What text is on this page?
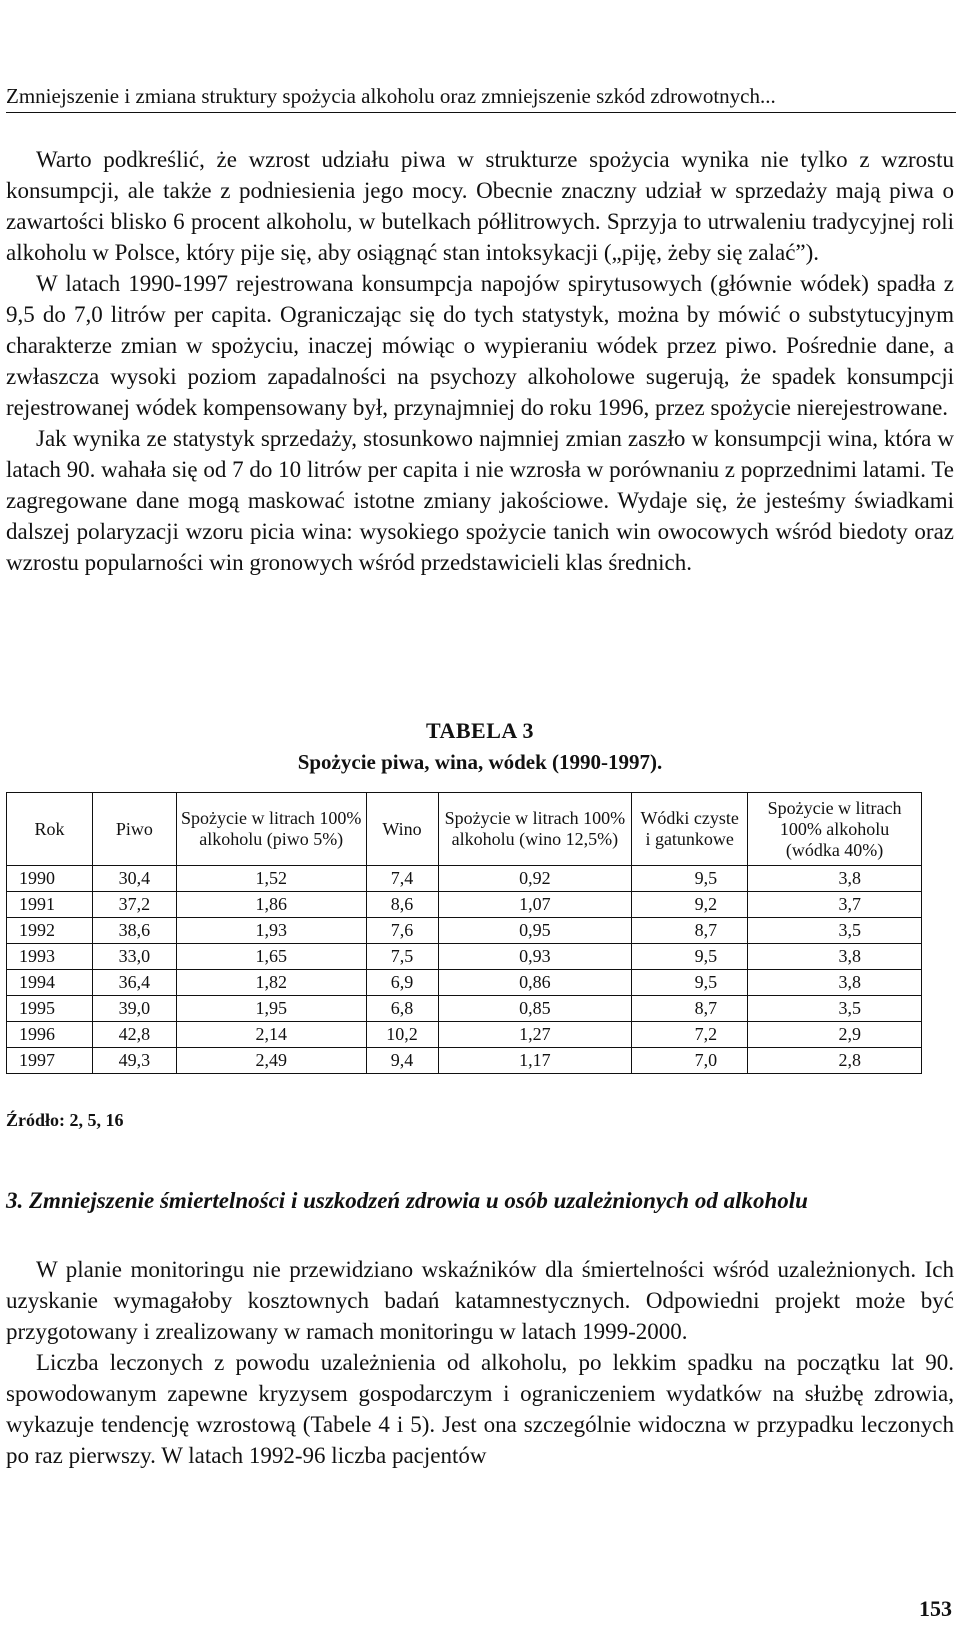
Zmniejszenie i zmiana struktury spożycia alkoholu oraz zmniejszenie szkód zdrowotnych...

Warto podkreślić, że wzrost udziału piwa w strukturze spożycia wynika nie tylko z wzrostu konsumpcji, ale także z podniesienia jego mocy. Obecnie znaczny udział w sprzedaży mają piwa o zawartości blisko 6 procent alkoholu, w butelkach półlitrowych. Sprzyja to utrwaleniu tradycyjnej roli alkoholu w Polsce, który pije się, aby osiągnąć stan intoksykacji („piję, żeby się zalać”).

W latach 1990-1997 rejestrowana konsumpcja napojów spirytusowych (głównie wódek) spadła z 9,5 do 7,0 litrów per capita. Ograniczając się do tych statystyk, można by mówić o substytucyjnym charakterze zmian w spożyciu, inaczej mówiąc o wypieraniu wódek przez piwo. Pośrednie dane, a zwłaszcza wysoki poziom zapadalności na psychozy alkoholowe sugerują, że spadek konsumpcji rejestrowanej wódek kompensowany był, przynajmniej do roku 1996, przez spożycie nierejestrowane.

Jak wynika ze statystyk sprzedaży, stosunkowo najmniej zmian zaszło w konsumpcji wina, która w latach 90. wahała się od 7 do 10 litrów per capita i nie wzrosła w porównaniu z poprzednimi latami. Te zagregowane dane mogą maskować istotne zmiany jakościowe. Wydaje się, że jesteśmy świadkami dalszej polaryzacji wzoru picia wina: wysokiego spożycie tanich win owocowych wśród biedoty oraz wzrostu popularności win gronowych wśród przedstawicieli klas średnich.

TABELA 3
Spożycie piwa, wina, wódek (1990-1997).
Rok	Piwo	Spożycie w litrach 100% alkoholu (piwo 5%)	Wino	Spożycie w litrach 100% alkoholu (wino 12,5%)	Wódki czyste i gatunkowe	Spożycie w litrach 100% alkoholu (wódka 40%)
1990	30,4	1,52	7,4	0,92	9,5	3,8
1991	37,2	1,86	8,6	1,07	9,2	3,7
1992	38,6	1,93	7,6	0,95	8,7	3,5
1993	33,0	1,65	7,5	0,93	9,5	3,8
1994	36,4	1,82	6,9	0,86	9,5	3,8
1995	39,0	1,95	6,8	0,85	8,7	3,5
1996	42,8	2,14	10,2	1,27	7,2	2,9
1997	49,3	2,49	9,4	1,17	7,0	2,8
Źródło: 2, 5, 16
3. Zmniejszenie śmiertelności i uszkodzeń zdrowia u osób uzależnionych od alkoholu

W planie monitoringu nie przewidziano wskaźników dla śmiertelności wśród uzależnionych. Ich uzyskanie wymagałoby kosztownych badań katamnestycznych. Odpowiedni projekt może być przygotowany i zrealizowany w ramach monitoringu w latach 1999-2000.

Liczba leczonych z powodu uzależnienia od alkoholu, po lekkim spadku na początku lat 90. spowodowanym zapewne kryzysem gospodarczym i ograniczeniem wydatków na służbę zdrowia, wykazuje tendencję wzrostową (Tabele 4 i 5). Jest ona szczególnie widoczna w przypadku leczonych po raz pierwszy. W latach 1992-96 liczba pacjentów

153
